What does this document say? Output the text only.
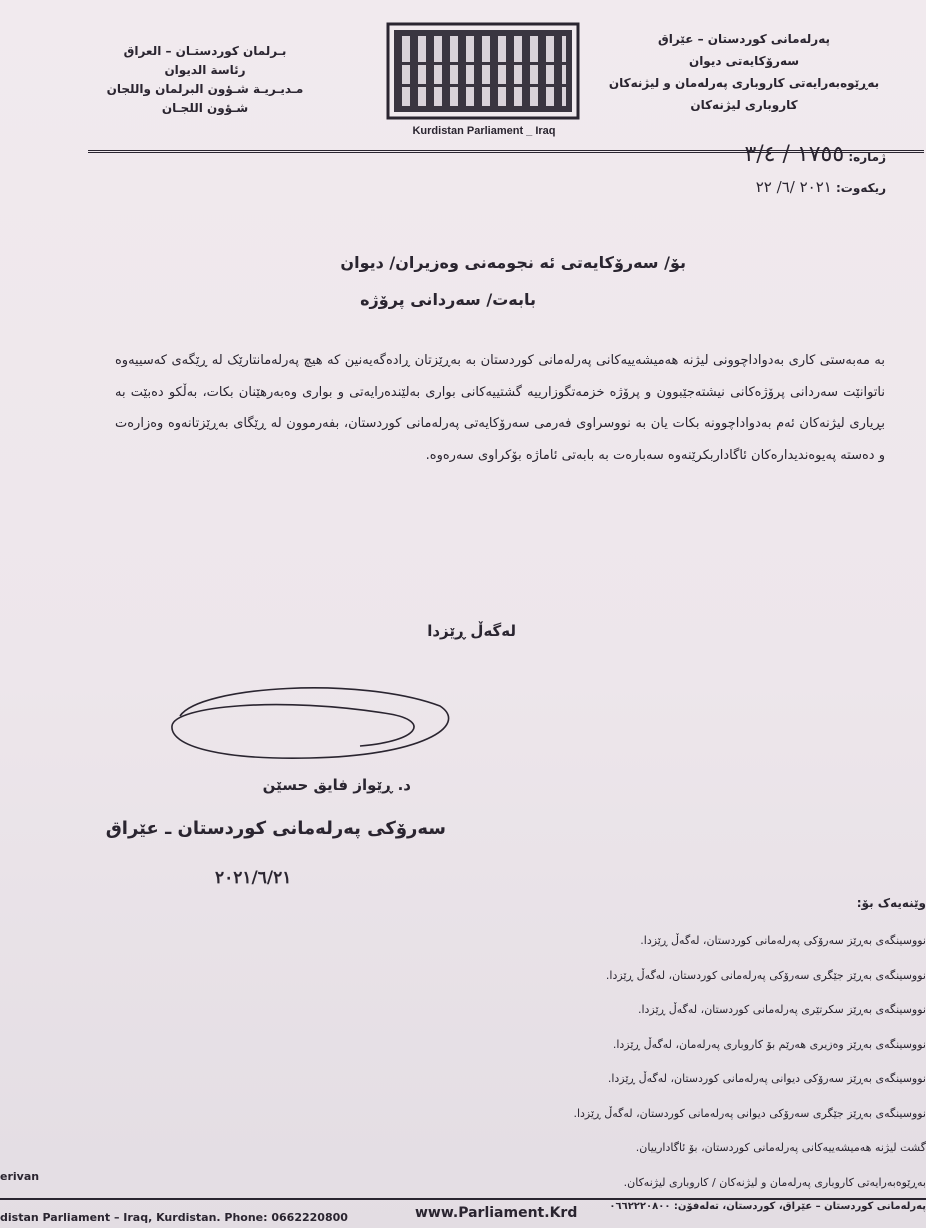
بـرلمان كوردستـان – العراق
رئاسة الديوان
مـديـريـة شـؤون البرلمان واللجان
شـؤون اللجـان
Kurdistan Parliament _ Iraq
پەرلەمانی کوردستان – عێراق
سەرۆکایەتی دیوان
بەڕێوەبەرایەتی کاروباری پەرلەمان و لیژنەکان
کاروباری لیژنەکان
ژمارە: ١٧٥٥ / ٣/٤
ریکەوت: ٢٠٢١ /٦/ ٢٢
بۆ/ سەرۆکایەتی ئە نجومەنی وەزیران/ دیوان
بابەت/ سەردانی پرۆژە
بە مەبەستی کاری بەدواداچوونی لیژنە هەمیشەییەکانی پەرلەمانی کوردستان بە بەڕێزتان ڕادەگەیەنین کە هیچ پەرلەمانتارێک لە ڕێگەی کەسییەوە ناتوانێت سەردانی پرۆژەکانی نیشتەجێبوون و پرۆژە خزمەتگوزارییە گشتییەکانی بواری بەلێندەرایەتی و بواری وەبەرهێنان بکات، بەڵکو دەبێت بە بڕیاری لیژنەکان ئەم بەدواداچوونە بکات یان بە نووسراوی فەرمی سەرۆکایەتی پەرلەمانی کوردستان، بفەرموون لە ڕێگای بەڕێزتانەوە وەزارەت و دەستە پەیوەندیدارەکان ئاگاداربکرێنەوە سەبارەت بە بابەتی ئاماژە بۆکراوی سەرەوە.
لەگەڵ ڕێزدا
د. ڕێواز فایق حسێن
سەرۆکی پەرلەمانی کوردستان ـ عێراق
٢٠٢١/٦/٢١
وێنەیەک بۆ:
نووسینگەی بەڕێز سەرۆکی پەرلەمانی کوردستان، لەگەڵ ڕێزدا.
نووسینگەی بەڕێز جێگری سەرۆکی پەرلەمانی کوردستان، لەگەڵ ڕێزدا.
نووسینگەی بەڕێز سکرتێری پەرلەمانی کوردستان، لەگەڵ ڕێزدا.
نووسینگەی بەڕێز وەزیری هەرێم بۆ کاروباری پەرلەمان، لەگەڵ ڕێزدا.
نووسینگەی بەڕێز سەرۆکی دیوانی پەرلەمانی کوردستان، لەگەڵ ڕێزدا.
نووسینگەی بەڕێز جێگری سەرۆکی دیوانی پەرلەمانی کوردستان، لەگەڵ ڕێزدا.
گشت لیژنە هەمیشەییەکانی پەرلەمانی کوردستان، بۆ ئاگادارییان.
بەڕێوەبەرایەتی کاروباری پەرلەمان و لیژنەکان / کاروباری لیژنەکان.
erivan
distan Parliament – Iraq, Kurdistan. Phone: 0662220800	www.Parliament.Krd	پەرلەمانی کوردستان – عێراق، کوردستان، تەلەفۆن: ٠٦٦٢٢٢٠٨٠٠
